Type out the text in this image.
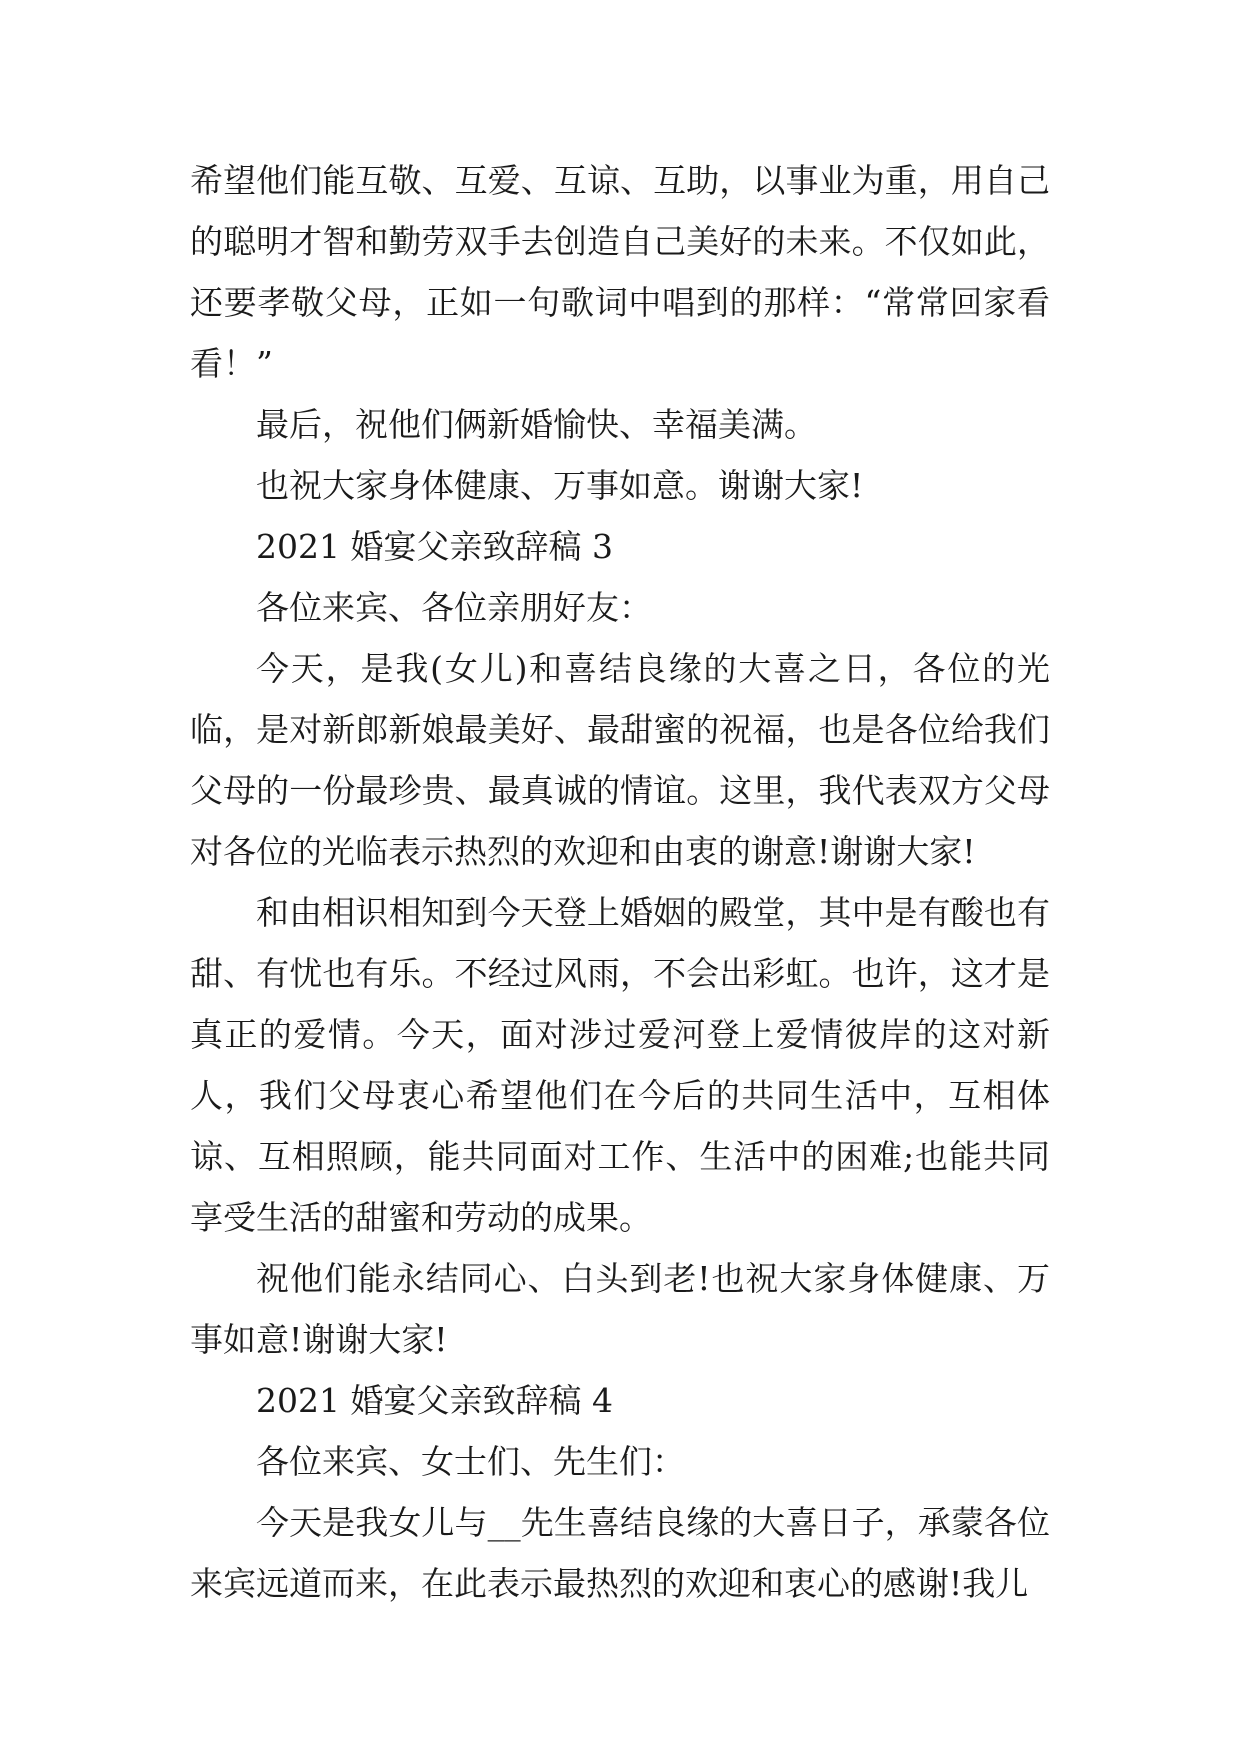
希望他们能互敬、互爱、互谅、互助，以事业为重，用自己的聪明才智和勤劳双手去创造自己美好的未来。不仅如此，还要孝敬父母，正如一句歌词中唱到的那样：“常常回家看看！”

最后，祝他们俩新婚愉快、幸福美满。

也祝大家身体健康、万事如意。谢谢大家!

2021 婚宴父亲致辞稿 3

各位来宾、各位亲朋好友：

今天，是我(女儿)和喜结良缘的大喜之日，各位的光临，是对新郎新娘最美好、最甜蜜的祝福，也是各位给我们父母的一份最珍贵、最真诚的情谊。这里，我代表双方父母对各位的光临表示热烈的欢迎和由衷的谢意!谢谢大家!

和由相识相知到今天登上婚姻的殿堂，其中是有酸也有甜、有忧也有乐。不经过风雨，不会出彩虹。也许，这才是真正的爱情。今天，面对涉过爱河登上爱情彼岸的这对新人，我们父母衷心希望他们在今后的共同生活中，互相体谅、互相照顾，能共同面对工作、生活中的困难;也能共同享受生活的甜蜜和劳动的成果。

祝他们能永结同心、白头到老!也祝大家身体健康、万事如意!谢谢大家!

2021 婚宴父亲致辞稿 4

各位来宾、女士们、先生们：

今天是我女儿与__先生喜结良缘的大喜日子，承蒙各位来宾远道而来，在此表示最热烈的欢迎和衷心的感谢!我儿
